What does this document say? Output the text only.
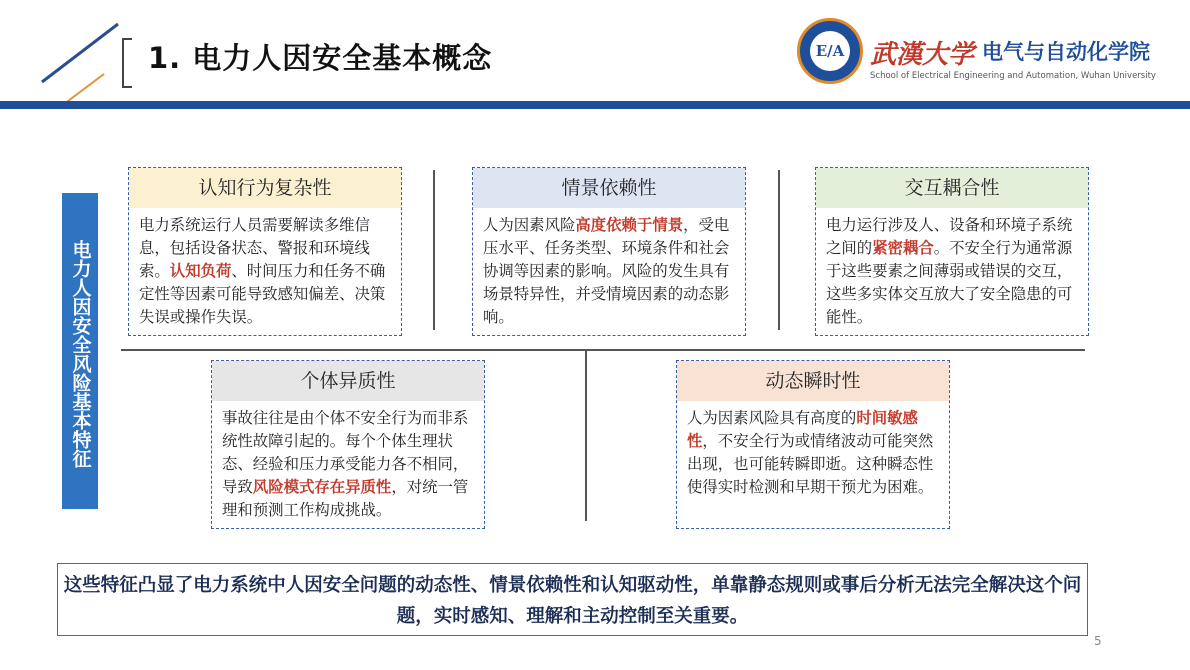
1. 电力人因安全基本概念	E/A 武漢大学 电气与自动化学院
School of Electrical Engineering and Automation, Wuhan University
电力人因安全风险基本特征
认知行为复杂性
电力系统运行人员需要解读多维信息，包括设备状态、警报和环境线索。认知负荷、时间压力和任务不确定性等因素可能导致感知偏差、决策失误或操作失误。
情景依赖性
人为因素风险高度依赖于情景，受电压水平、任务类型、环境条件和社会协调等因素的影响。风险的发生具有场景特异性，并受情境因素的动态影响。
交互耦合性
电力运行涉及人、设备和环境子系统之间的紧密耦合。不安全行为通常源于这些要素之间薄弱或错误的交互，这些多实体交互放大了安全隐患的可能性。
个体异质性
事故往往是由个体不安全行为而非系统性故障引起的。每个个体生理状态、经验和压力承受能力各不相同，导致风险模式存在异质性，对统一管理和预测工作构成挑战。
动态瞬时性
人为因素风险具有高度的时间敏感性，不安全行为或情绪波动可能突然出现，也可能转瞬即逝。这种瞬态性使得实时检测和早期干预尤为困难。
这些特征凸显了电力系统中人因安全问题的动态性、情景依赖性和认知驱动性，单靠静态规则或事后分析无法完全解决这个问题，实时感知、理解和主动控制至关重要。
5
